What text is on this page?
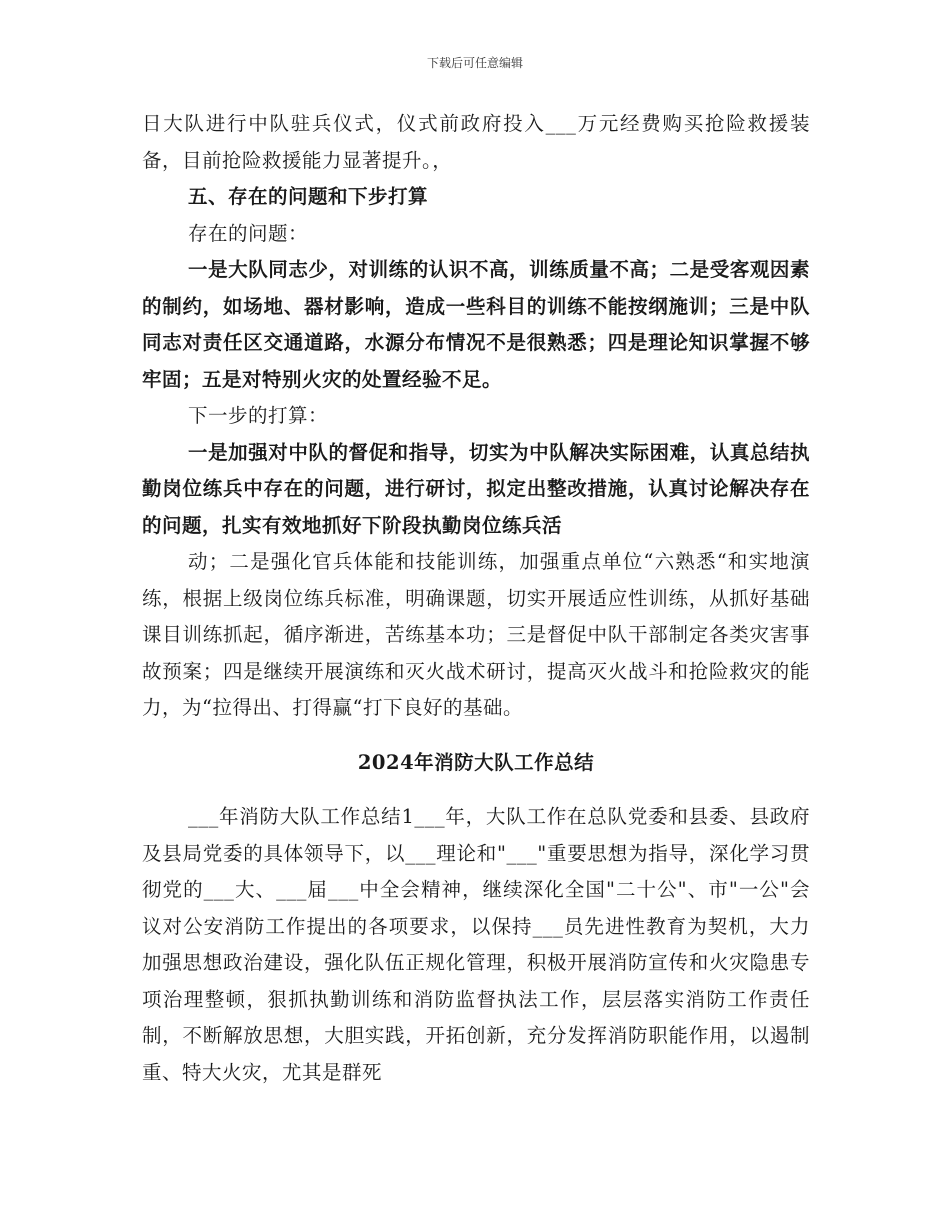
下载后可任意编辑

日大队进行中队驻兵仪式，仪式前政府投入___万元经费购买抢险救援装备，目前抢险救援能力显著提升。，

五、存在的问题和下步打算

存在的问题：

一是大队同志少，对训练的认识不高，训练质量不高；二是受客观因素的制约，如场地、器材影响，造成一些科目的训练不能按纲施训；三是中队同志对责任区交通道路，水源分布情况不是很熟悉；四是理论知识掌握不够牢固；五是对特别火灾的处置经验不足。

下一步的打算：

一是加强对中队的督促和指导，切实为中队解决实际困难，认真总结执勤岗位练兵中存在的问题，进行研讨，拟定出整改措施，认真讨论解决存在的问题，扎实有效地抓好下阶段执勤岗位练兵活

动；二是强化官兵体能和技能训练，加强重点单位“六熟悉“和实地演练，根据上级岗位练兵标准，明确课题，切实开展适应性训练，从抓好基础课目训练抓起，循序渐进，苦练基本功；三是督促中队干部制定各类灾害事故预案；四是继续开展演练和灭火战术研讨，提高灭火战斗和抢险救灾的能力，为“拉得出、打得赢“打下良好的基础。

2024年消防大队工作总结

___年消防大队工作总结1___年，大队工作在总队党委和县委、县政府及县局党委的具体领导下，以___理论和"___"重要思想为指导，深化学习贯彻党的___大、___届___中全会精神，继续深化全国"二十公"、市"一公"会议对公安消防工作提出的各项要求，以保持___员先进性教育为契机，大力加强思想政治建设，强化队伍正规化管理，积极开展消防宣传和火灾隐患专项治理整顿，狠抓执勤训练和消防监督执法工作，层层落实消防工作责任制，不断解放思想，大胆实践，开拓创新，充分发挥消防职能作用，以遏制重、特大火灾，尤其是群死
